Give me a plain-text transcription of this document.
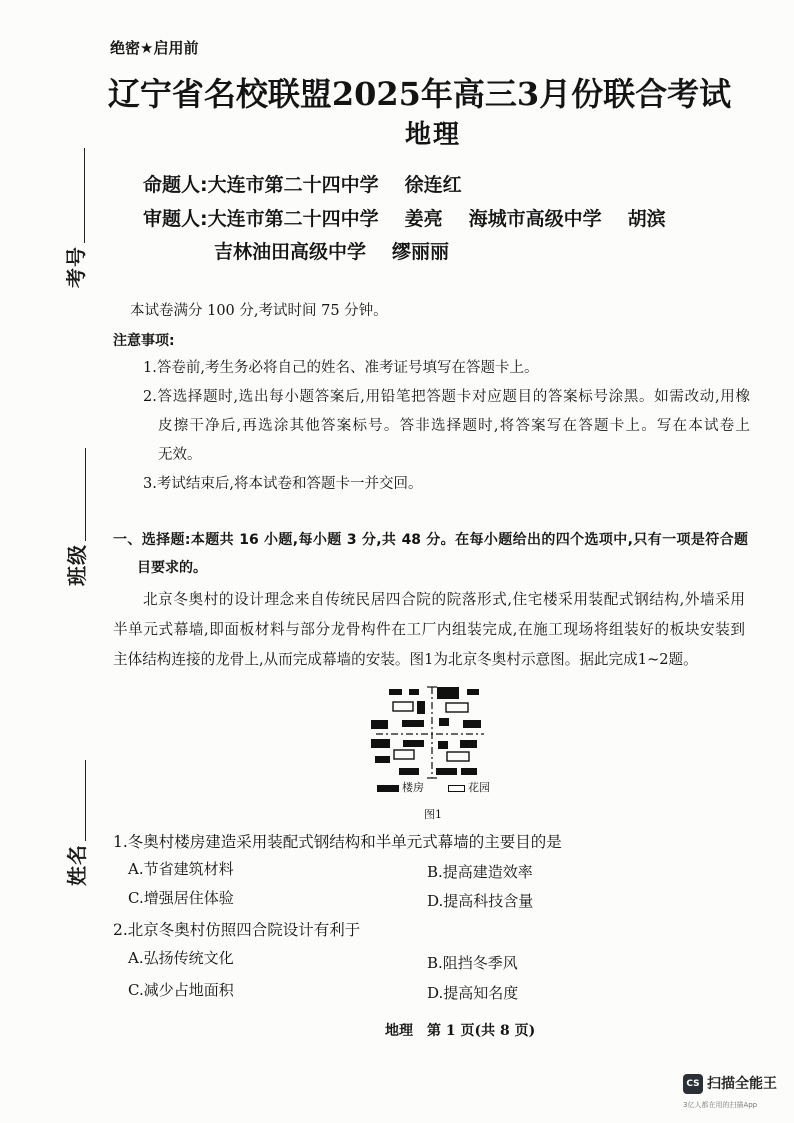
绝密★启用前
辽宁省名校联盟2025年高三3月份联合考试
地理
命题人:大连市第二十四中学 徐连红
审题人:大连市第二十四中学 姜亮 海城市高级中学 胡滨
吉林油田高级中学 缪丽丽
考号
班级
姓名
本试卷满分 100 分,考试时间 75 分钟。
注意事项:
1.答卷前,考生务必将自己的姓名、准考证号填写在答题卡上。
2.答选择题时,选出每小题答案后,用铅笔把答题卡对应题目的答案标号涂黑。如需改动,用橡
皮擦干净后,再选涂其他答案标号。答非选择题时,将答案写在答题卡上。写在本试卷上
无效。
3.考试结束后,将本试卷和答题卡一并交回。
一、选择题:本题共 16 小题,每小题 3 分,共 48 分。在每小题给出的四个选项中,只有一项是符合题
目要求的。
北京冬奥村的设计理念来自传统民居四合院的院落形式,住宅楼采用装配式钢结构,外墙采用
半单元式幕墙,即面板材料与部分龙骨构件在工厂内组装完成,在施工现场将组装好的板块安装到
主体结构连接的龙骨上,从而完成幕墙的安装。图1为北京冬奥村示意图。据此完成1~2题。
楼房	花园
图1
1.冬奥村楼房建造采用装配式钢结构和半单元式幕墙的主要目的是
A.节省建筑材料	B.提高建造效率
C.增强居住体验	D.提高科技含量
2.北京冬奥村仿照四合院设计有利于
A.弘扬传统文化	B.阻挡冬季风
C.减少占地面积	D.提高知名度
地理 第 1 页(共 8 页)
CS 扫描全能王
3亿人都在用的扫描App
